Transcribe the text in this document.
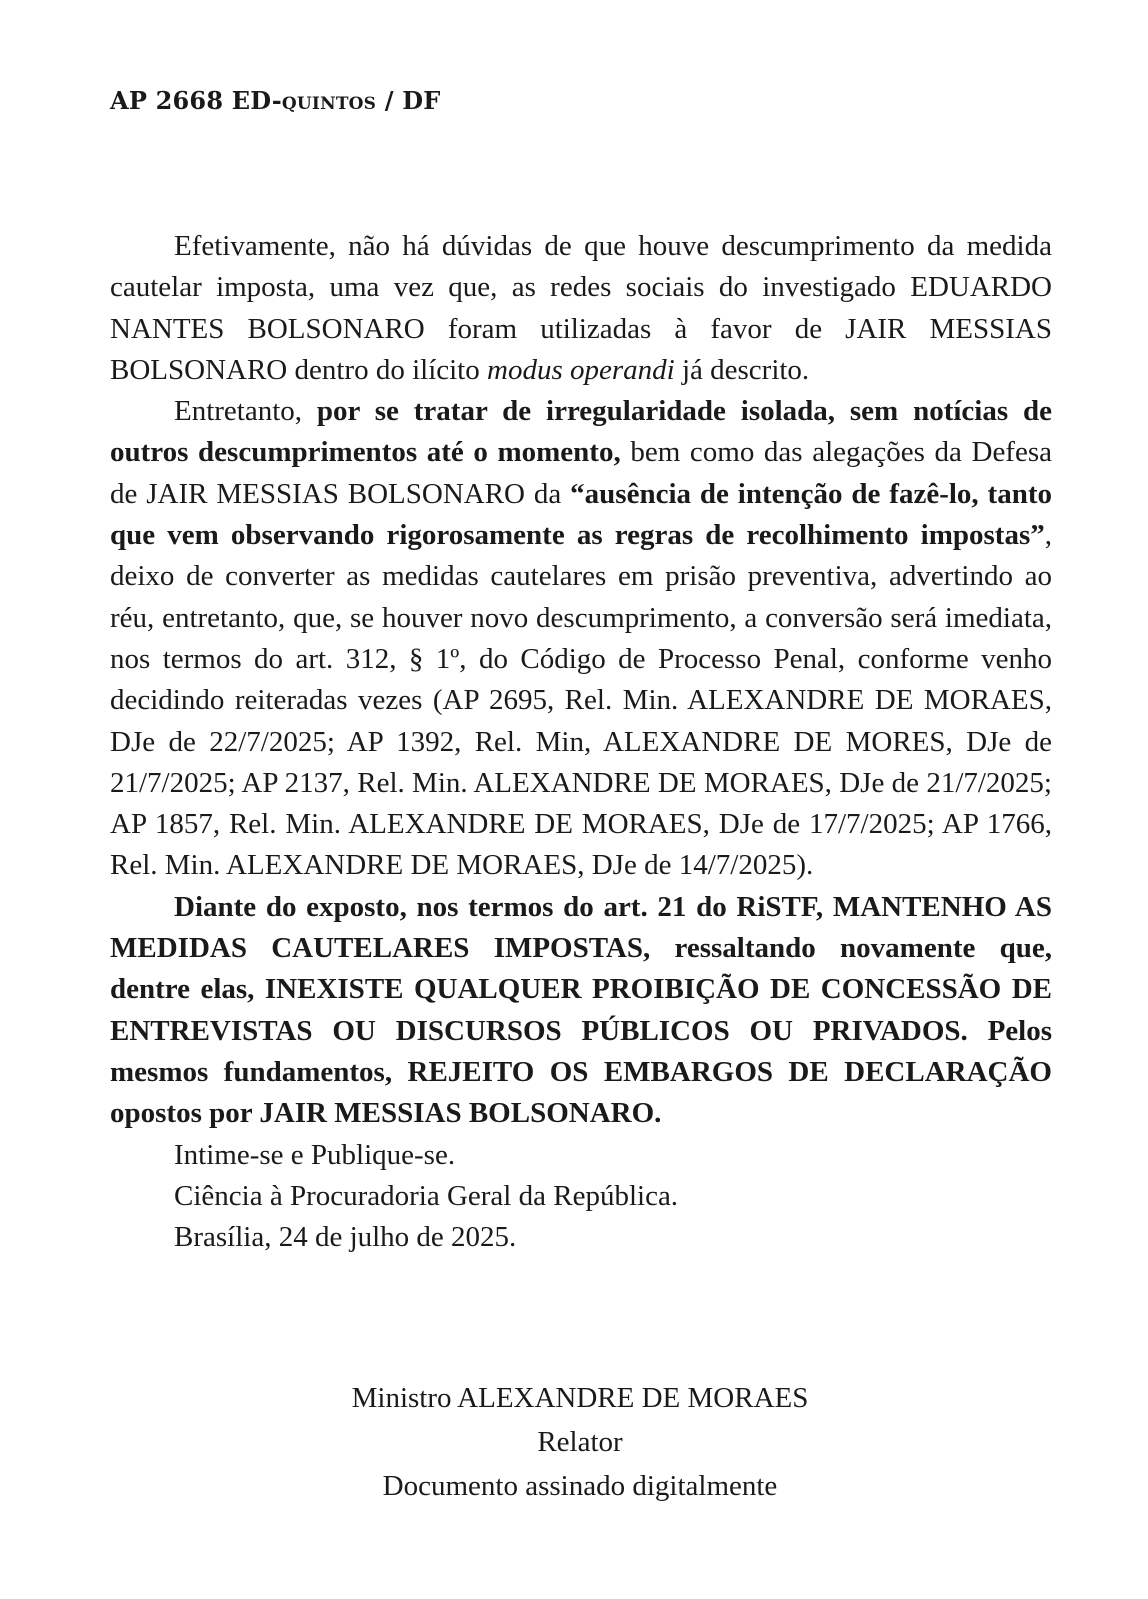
AP 2668 ED-quintos / DF

Efetivamente, não há dúvidas de que houve descumprimento da medida cautelar imposta, uma vez que, as redes sociais do investigado EDUARDO NANTES BOLSONARO foram utilizadas à favor de JAIR MESSIAS BOLSONARO dentro do ilícito modus operandi já descrito.

Entretanto, por se tratar de irregularidade isolada, sem notícias de outros descumprimentos até o momento, bem como das alegações da Defesa de JAIR MESSIAS BOLSONARO da “ausência de intenção de fazê-lo, tanto que vem observando rigorosamente as regras de recolhimento impostas”, deixo de converter as medidas cautelares em prisão preventiva, advertindo ao réu, entretanto, que, se houver novo descumprimento, a conversão será imediata, nos termos do art. 312, § 1º, do Código de Processo Penal, conforme venho decidindo reiteradas vezes (AP 2695, Rel. Min. ALEXANDRE DE MORAES, DJe de 22/7/2025; AP 1392, Rel. Min, ALEXANDRE DE MORES, DJe de 21/7/2025; AP 2137, Rel. Min. ALEXANDRE DE MORAES, DJe de 21/7/2025; AP 1857, Rel. Min. ALEXANDRE DE MORAES, DJe de 17/7/2025; AP 1766, Rel. Min. ALEXANDRE DE MORAES, DJe de 14/7/2025).

Diante do exposto, nos termos do art. 21 do RiSTF, MANTENHO AS MEDIDAS CAUTELARES IMPOSTAS, ressaltando novamente que, dentre elas, INEXISTE QUALQUER PROIBIÇÃO DE CONCESSÃO DE ENTREVISTAS OU DISCURSOS PÚBLICOS OU PRIVADOS. Pelos mesmos fundamentos, REJEITO OS EMBARGOS DE DECLARAÇÃO opostos por JAIR MESSIAS BOLSONARO.

Intime-se e Publique-se.

Ciência à Procuradoria Geral da República.

Brasília, 24 de julho de 2025.

Ministro ALEXANDRE DE MORAES
Relator
Documento assinado digitalmente
